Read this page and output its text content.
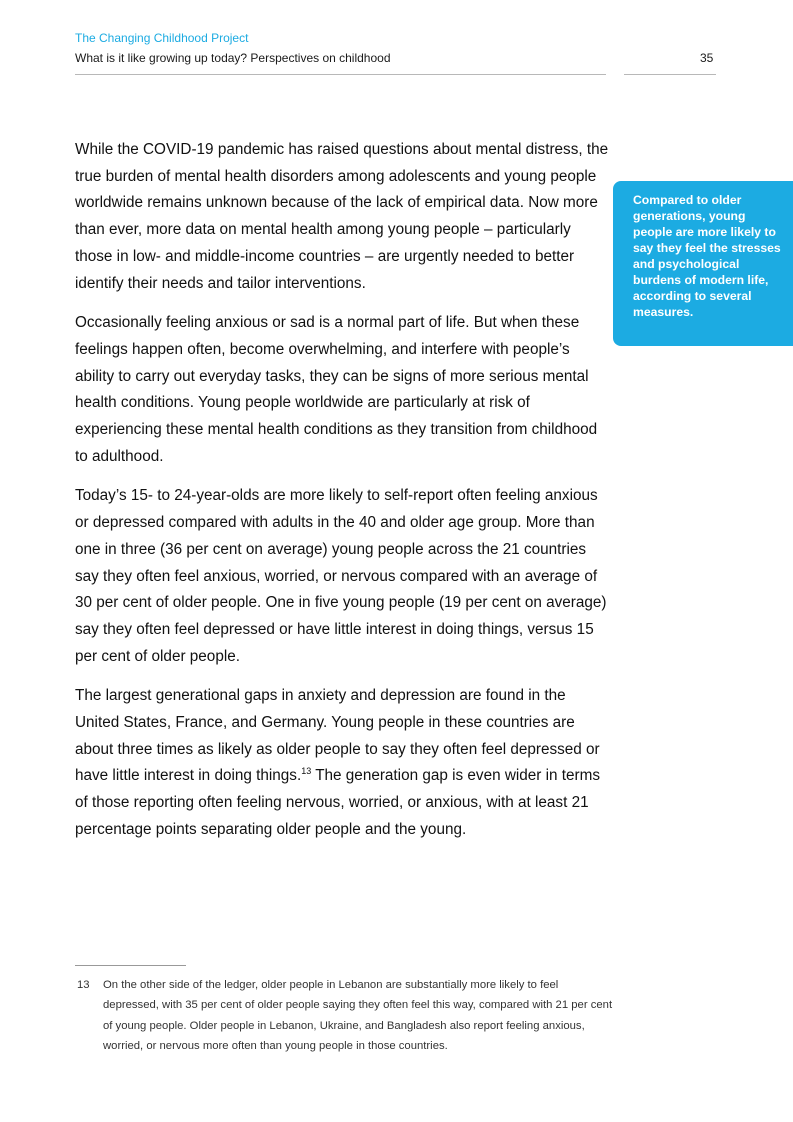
The Changing Childhood Project
What is it like growing up today? Perspectives on childhood	35

While the COVID-19 pandemic has raised questions about mental distress, the true burden of mental health disorders among adolescents and young people worldwide remains unknown because of the lack of empirical data. Now more than ever, more data on mental health among young people – particularly those in low- and middle-income countries – are urgently needed to better identify their needs and tailor interventions.

Occasionally feeling anxious or sad is a normal part of life. But when these feelings happen often, become overwhelming, and interfere with people’s ability to carry out everyday tasks, they can be signs of more serious mental health conditions. Young people worldwide are particularly at risk of experiencing these mental health conditions as they transition from childhood to adulthood.

Today’s 15- to 24-year-olds are more likely to self-report often feeling anxious or depressed compared with adults in the 40 and older age group. More than one in three (36 per cent on average) young people across the 21 countries say they often feel anxious, worried, or nervous compared with an average of 30 per cent of older people. One in five young people (19 per cent on average) say they often feel depressed or have little interest in doing things, versus 15 per cent of older people.

The largest generational gaps in anxiety and depression are found in the United States, France, and Germany. Young people in these countries are about three times as likely as older people to say they often feel depressed or have little interest in doing things.$^{13}$ The generation gap is even wider in terms of those reporting often feeling nervous, worried, or anxious, with at least 21 percentage points separating older people and the young.

Compared to older generations, young people are more likely to say they feel the stresses and psychological burdens of modern life, according to several measures.
13	On the other side of the ledger, older people in Lebanon are substantially more likely to feel depressed, with 35 per cent of older people saying they often feel this way, compared with 21 per cent of young people. Older people in Lebanon, Ukraine, and Bangladesh also report feeling anxious, worried, or nervous more often than young people in those countries.
